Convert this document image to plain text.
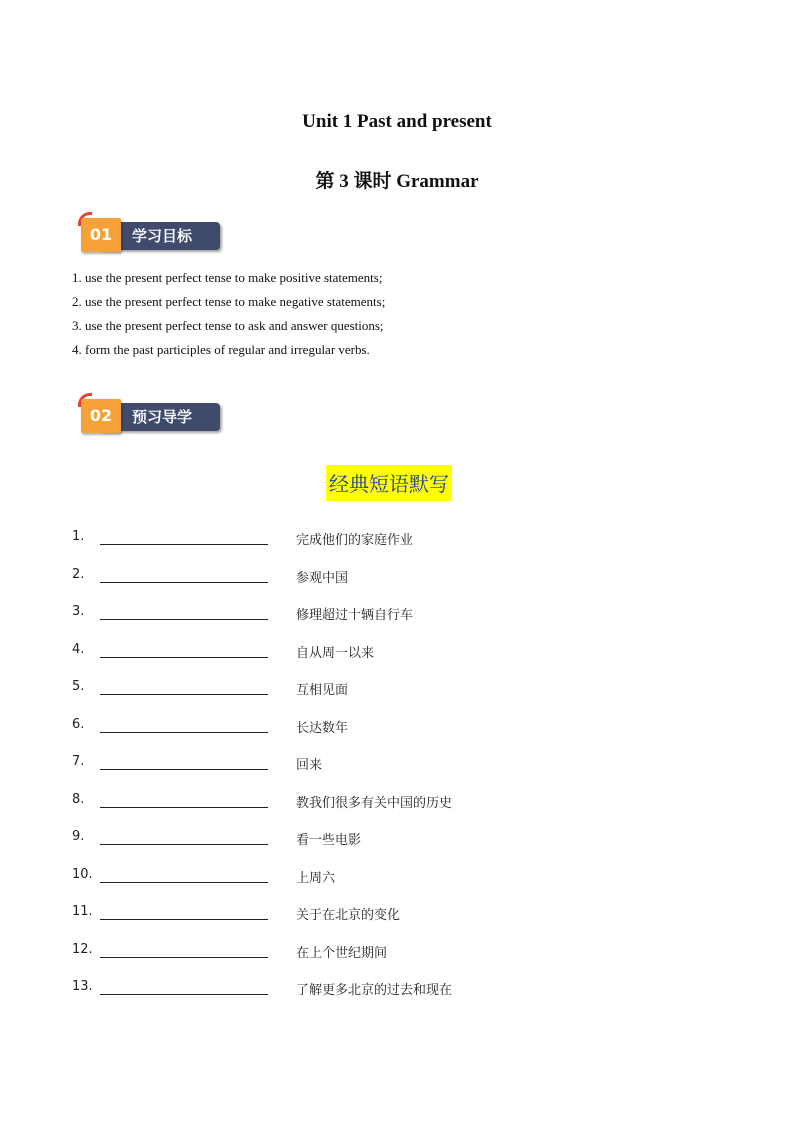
Unit 1 Past and present
第 3 课时 Grammar
01	学习目标
1. use the present perfect tense to make positive statements;
2. use the present perfect tense to make negative statements;
3. use the present perfect tense to ask and answer questions;
4. form the past participles of regular and irregular verbs.
02	预习导学
经典短语默写
1.	完成他们的家庭作业
2.	参观中国
3.	修理超过十辆自行车
4.	自从周一以来
5.	互相见面
6.	长达数年
7.	回来
8.	教我们很多有关中国的历史
9.	看一些电影
10.	上周六
11.	关于在北京的变化
12.	在上个世纪期间
13.	了解更多北京的过去和现在
